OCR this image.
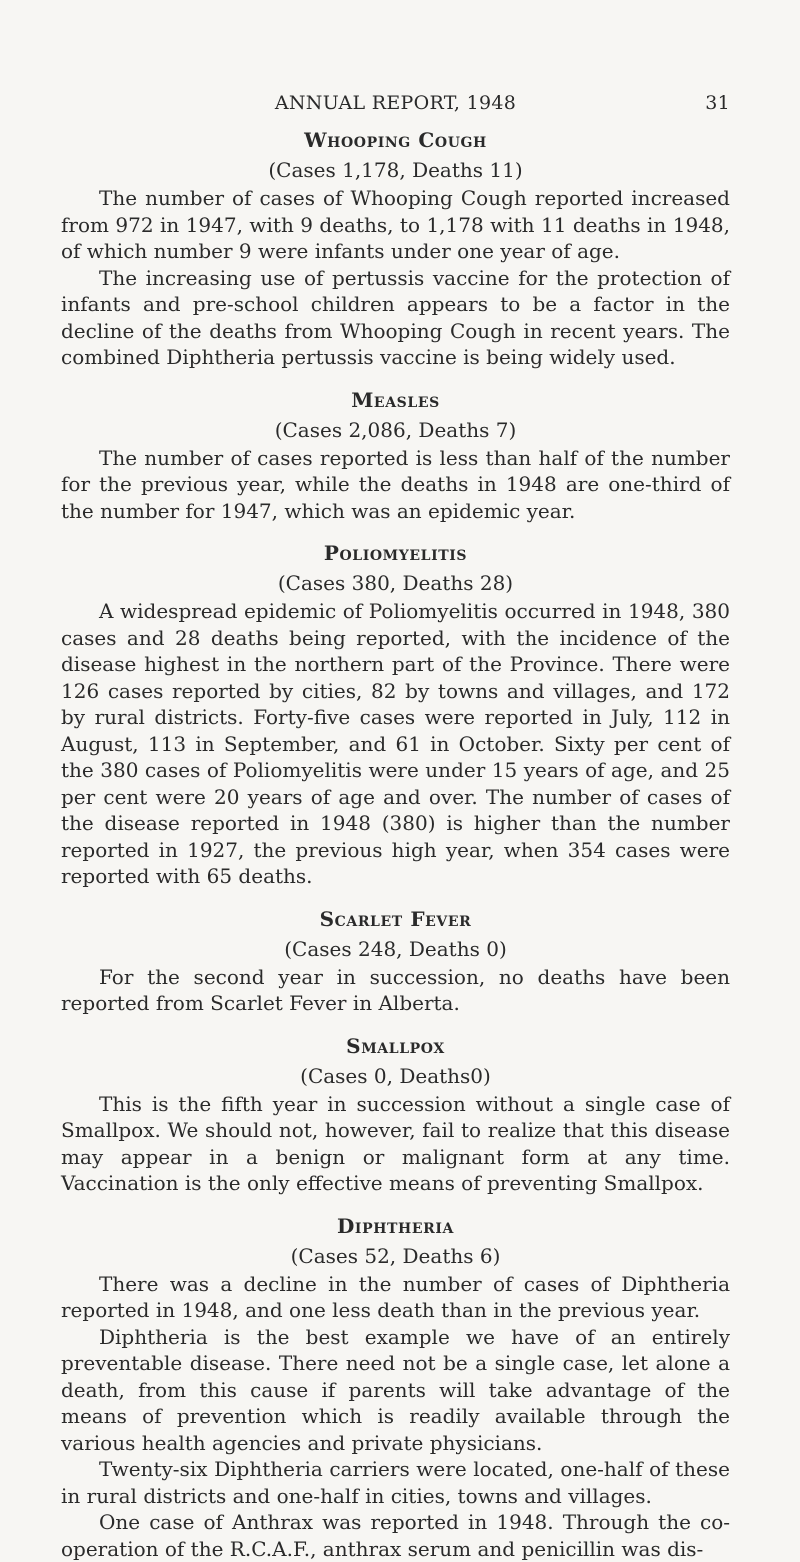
ANNUAL REPORT, 1948	31
Whooping Cough

(Cases 1,178, Deaths 11)

The number of cases of Whooping Cough reported increased from 972 in 1947, with 9 deaths, to 1,178 with 11 deaths in 1948, of which number 9 were infants under one year of age.

The increasing use of pertussis vaccine for the protection of infants and pre-school children appears to be a factor in the decline of the deaths from Whooping Cough in recent years. The combined Diphtheria pertussis vaccine is being widely used.

Measles

(Cases 2,086, Deaths 7)

The number of cases reported is less than half of the number for the previous year, while the deaths in 1948 are one-third of the number for 1947, which was an epidemic year.

Poliomyelitis

(Cases 380, Deaths 28)

A widespread epidemic of Poliomyelitis occurred in 1948, 380 cases and 28 deaths being reported, with the incidence of the disease highest in the northern part of the Province. There were 126 cases reported by cities, 82 by towns and villages, and 172 by rural districts. Forty-five cases were reported in July, 112 in August, 113 in September, and 61 in October. Sixty per cent of the 380 cases of Poliomyelitis were under 15 years of age, and 25 per cent were 20 years of age and over. The number of cases of the disease reported in 1948 (380) is higher than the number reported in 1927, the previous high year, when 354 cases were reported with 65 deaths.

Scarlet Fever

(Cases 248, Deaths 0)

For the second year in succession, no deaths have been reported from Scarlet Fever in Alberta.

Smallpox

(Cases 0, Deaths0)

This is the fifth year in succession without a single case of Smallpox. We should not, however, fail to realize that this disease may appear in a benign or malignant form at any time. Vaccination is the only effective means of preventing Smallpox.

Diphtheria

(Cases 52, Deaths 6)

There was a decline in the number of cases of Diphtheria reported in 1948, and one less death than in the previous year.

Diphtheria is the best example we have of an entirely preventable disease. There need not be a single case, let alone a death, from this cause if parents will take advantage of the means of prevention which is readily available through the various health agencies and private physicians.

Twenty-six Diphtheria carriers were located, one-half of these in rural districts and one-half in cities, towns and villages.

One case of Anthrax was reported in 1948. Through the co-operation of the R.C.A.F., anthrax serum and penicillin was dis-
